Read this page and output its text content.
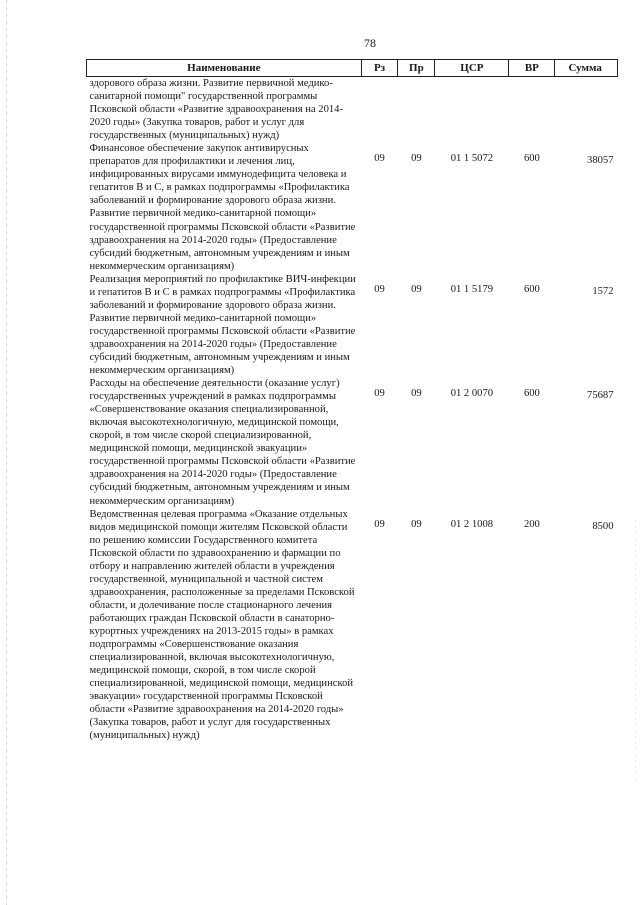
78
Наименование	Рз	Пр	ЦСР	ВР	Сумма
здорового образа жизни. Развитие первичной медико-санитарной помощи" государственной программы Псковской области «Развитие здравоохранения на 2014-2020 годы» (Закупка товаров, работ и услуг для государственных (муниципальных) нужд)					
Финансовое обеспечение закупок антивирусных препаратов для профилактики и лечения лиц, инфицированных вирусами иммунодефицита человека и гепатитов В и С, в рамках подпрограммы «Профилактика заболеваний и формирование здорового образа жизни. Развитие первичной медико-санитарной помощи» государственной программы Псковской области «Развитие здравоохранения на 2014-2020 годы» (Предоставление субсидий бюджетным, автономным учреждениям и иным некоммерческим организациям)	09	09	01 1 5072	600	38057
Реализация мероприятий по профилактике ВИЧ-инфекции и гепатитов В и С в рамках подпрограммы «Профилактика заболеваний и формирование здорового образа жизни. Развитие первичной медико-санитарной помощи» государственной программы Псковской области «Развитие здравоохранения на 2014-2020 годы» (Предоставление субсидий бюджетным, автономным учреждениям и иным некоммерческим организациям)	09	09	01 1 5179	600	1572
Расходы на обеспечение деятельности (оказание услуг) государственных учреждений в рамках подпрограммы «Совершенствование оказания специализированной, включая высокотехнологичную, медицинской помощи, скорой, в том числе скорой специализированной, медицинской помощи, медицинской эвакуации» государственной программы Псковской области «Развитие здравоохранения на 2014-2020 годы» (Предоставление субсидий бюджетным, автономным учреждениям и иным некоммерческим организациям)	09	09	01 2 0070	600	75687
Ведомственная целевая программа «Оказание отдельных видов медицинской помощи жителям Псковской области по решению комиссии Государственного комитета Псковской области по здравоохранению и фармации по отбору и направлению жителей области в учреждения государственной, муниципальной и частной систем здравоохранения, расположенные за пределами Псковской области, и долечивание после стационарного лечения работающих граждан Псковской области в санаторно-курортных учреждениях на 2013-2015 годы» в рамках подпрограммы «Совершенствование оказания специализированной, включая высокотехнологичную, медицинской помощи, скорой, в том числе скорой специализированной, медицинской помощи, медицинской эвакуации» государственной программы Псковской области «Развитие здравоохранения на 2014-2020 годы» (Закупка товаров, работ и услуг для государственных (муниципальных) нужд)	09	09	01 2 1008	200	8500
